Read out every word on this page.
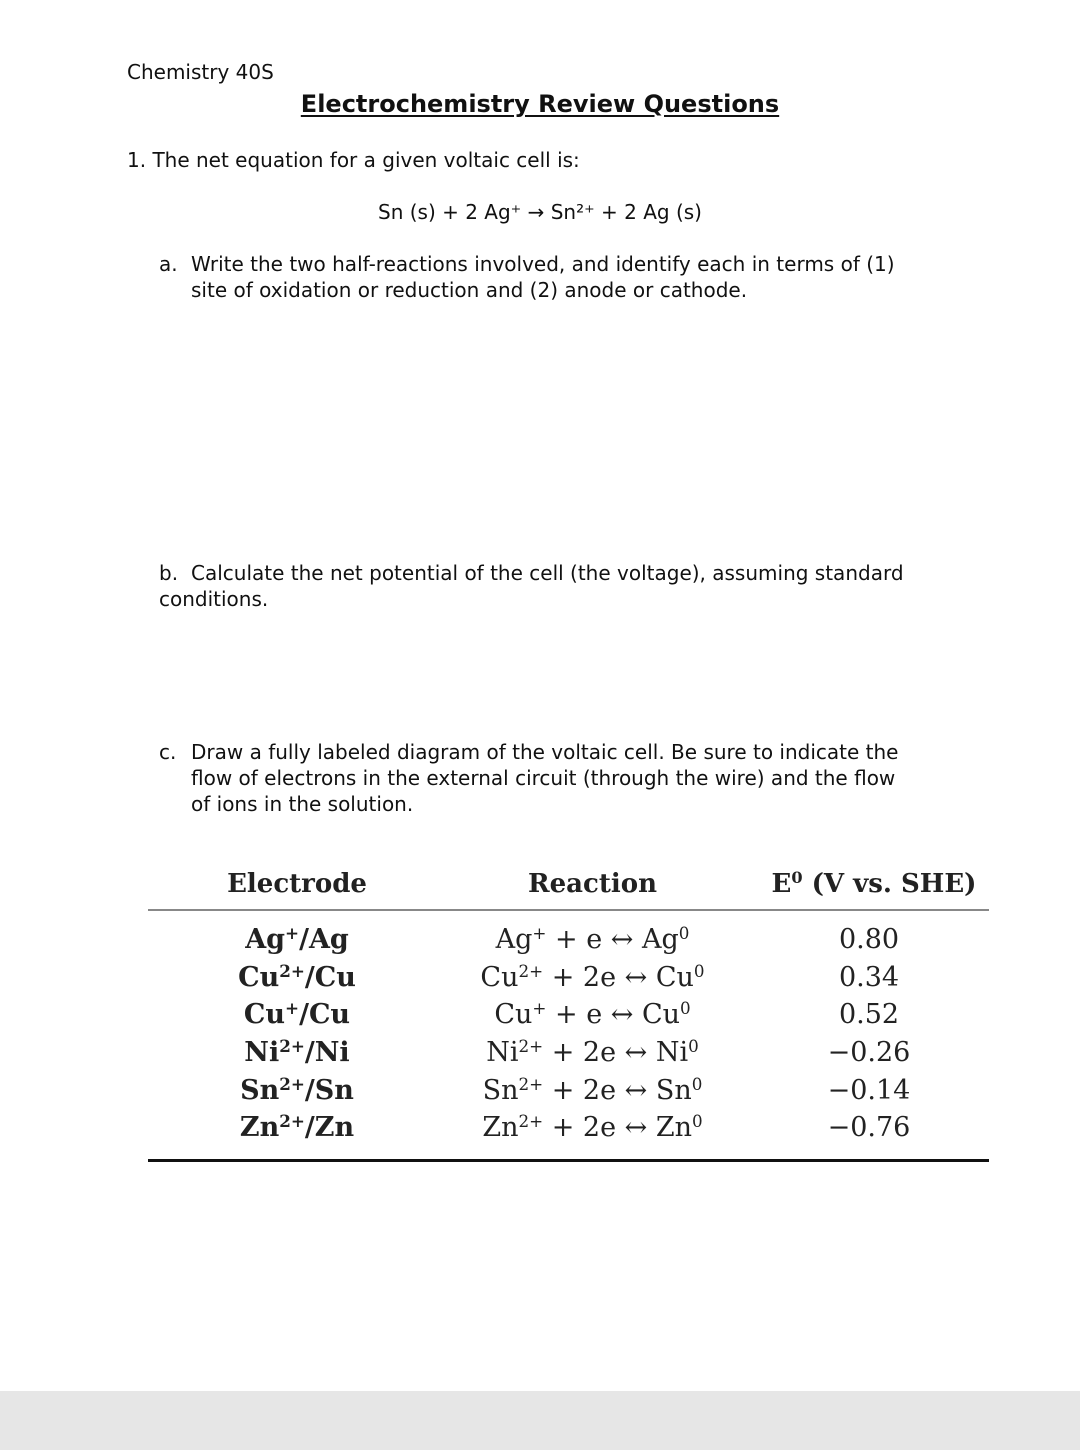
Chemistry 40S
Electrochemistry Review Questions
1. The net equation for a given voltaic cell is:
Sn (s) + 2 Ag⁺ → Sn²⁺ + 2 Ag (s)
a. Write the two half-reactions involved, and identify each in terms of (1)
site of oxidation or reduction and (2) anode or cathode.
b. Calculate the net potential of the cell (the voltage), assuming standard
conditions.
c. Draw a fully labeled diagram of the voltaic cell. Be sure to indicate the
flow of electrons in the external circuit (through the wire) and the flow
of ions in the solution.
Electrode	Reaction	$E^0$ (V vs. SHE)
Ag+/Ag	Ag+ + e ↔ Ag$^0$	0.80
$Cu^{2+}/Cu$	$Cu^{2+} + 2e$ ↔ Cu$^0$	0.34
Cu+/Cu	Cu+ + e ↔ Cu$^0$	0.52
$Ni^{2+}/Ni$	$Ni^{2+} + 2e$ ↔ $Ni^0$	−0.26
$Sn^{2+}/Sn$	$Sn^{2+} + 2e$ ↔ $Sn^0$	−0.14
$Zn^{2+}/Zn$	$Zn^{2+} + 2e$ ↔ $Zn^0$	−0.76
